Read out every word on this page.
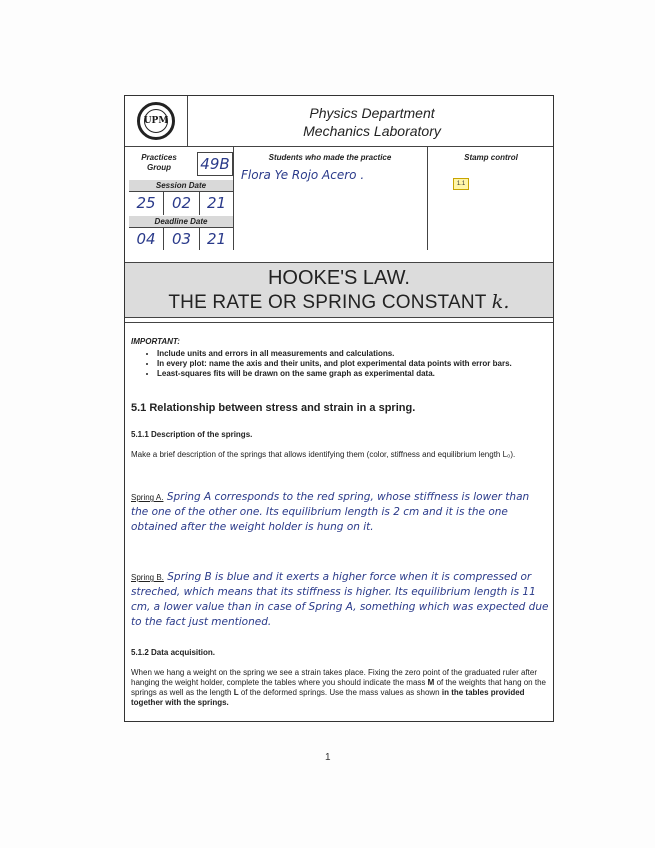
UPM	Physics Department
Mechanics Laboratory
Practices Group	49B
Session Date
25	02	21
Deadline Date
04	03	21
Students who made the practice
Flora Ye Rojo Acero .
Stamp control
1.1
HOOKE'S LAW.
THE RATE OR SPRING CONSTANT k.
IMPORTANT:
• Include units and errors in all measurements and calculations.
• In every plot: name the axis and their units, and plot experimental data points with error bars.
• Least-squares fits will be drawn on the same graph as experimental data.
5.1 Relationship between stress and strain in a spring.
5.1.1 Description of the springs.
Make a brief description of the springs that allows identifying them (color, stiffness and equilibrium length L₀).
Spring A. Spring A corresponds to the red spring, whose stiffness is lower than the one of the other one. Its equilibrium length is 2 cm and it is the one obtained after the weight holder is hung on it.
Spring B. Spring B is blue and it exerts a higher force when it is compressed or streched, which means that its stiffness is higher. Its equilibrium length is 11 cm, a lower value than in case of Spring A, something which was expected due to the fact just mentioned.
5.1.2 Data acquisition.
When we hang a weight on the spring we see a strain takes place. Fixing the zero point of the graduated ruler after hanging the weight holder, complete the tables where you should indicate the mass M of the weights that hang on the springs as well as the length L of the deformed springs. Use the mass values as shown in the tables provided together with the springs.
1
